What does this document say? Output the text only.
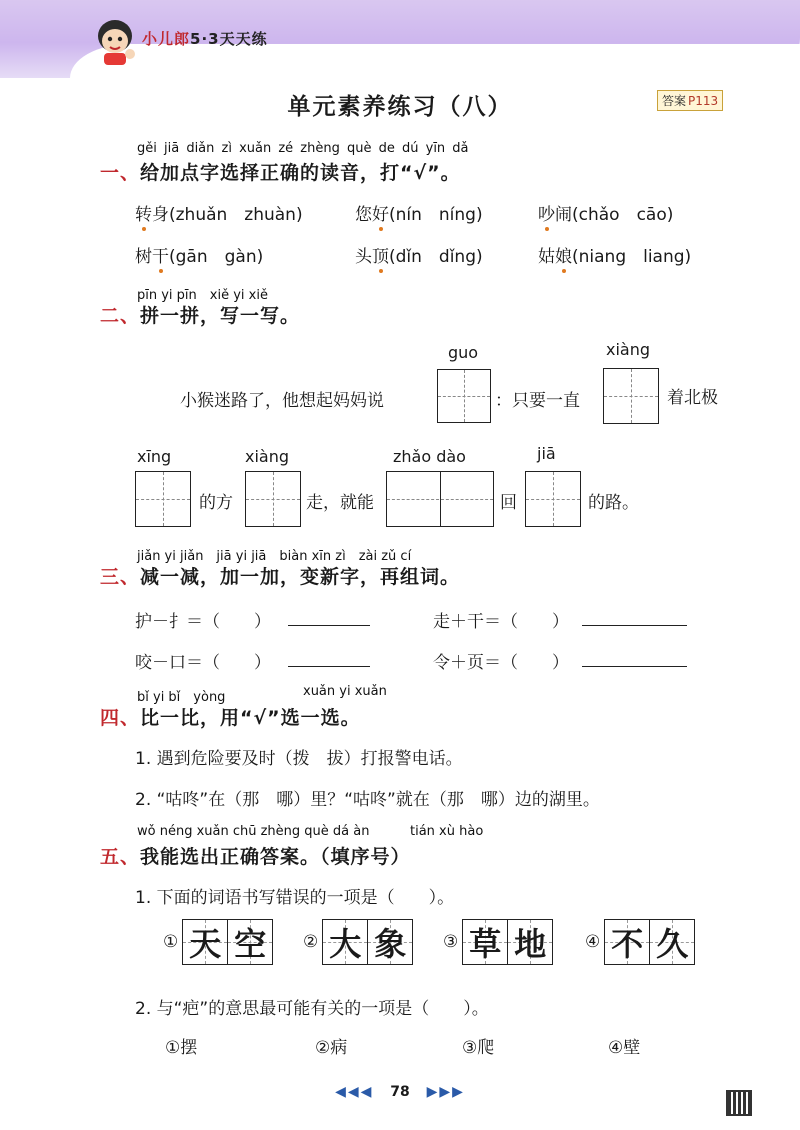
小儿郎5·3天天练
单元素养练习（八）	答案 P113
gěi jiā diǎn zì xuǎn zé zhèng què de dú yīn dǎ
一、给加点字选择正确的读音，打“√”。
转身(zhuǎn　zhuàn)	您好(nín　níng)	吵闹(chǎo　cāo)
树干(gān　gàn)	头顶(dǐn　dǐng)	姑娘(niang　liang)
pīn yi pīn　xiě yi xiě
二、拼一拼，写一写。
guo	xiàng
小猴迷路了，他想起妈妈说	：只要一直	着北极
xīng	xiàng	zhǎo dào	jiā
的方	走，就能	回	的路。
jiǎn yi jiǎn　jiā yi jiā　biàn xīn zì　zài zǔ cí
三、减一减，加一加，变新字，再组词。
护－扌＝（　　）	走＋干＝（　　）
咬－口＝（　　）	令＋页＝（　　）
bǐ yi bǐ　yòng	xuǎn yi xuǎn
四、比一比，用“√”选一选。
1. 遇到危险要及时（拨　拔）打报警电话。
2. “咕咚”在（那　哪）里？“咕咚”就在（那　哪）边的湖里。
wǒ néng xuǎn chū zhèng què dá àn	tián xù hào
五、我能选出正确答案。（填序号）
1. 下面的词语书写错误的一项是（　　）。
① 天 空 ② 大 象 ③ 草 地 ④ 不 久
2. 与“疤”的意思最可能有关的一项是（　　）。
①摆	②病	③爬	④壁
◀◀◀ 78 ▶▶▶
